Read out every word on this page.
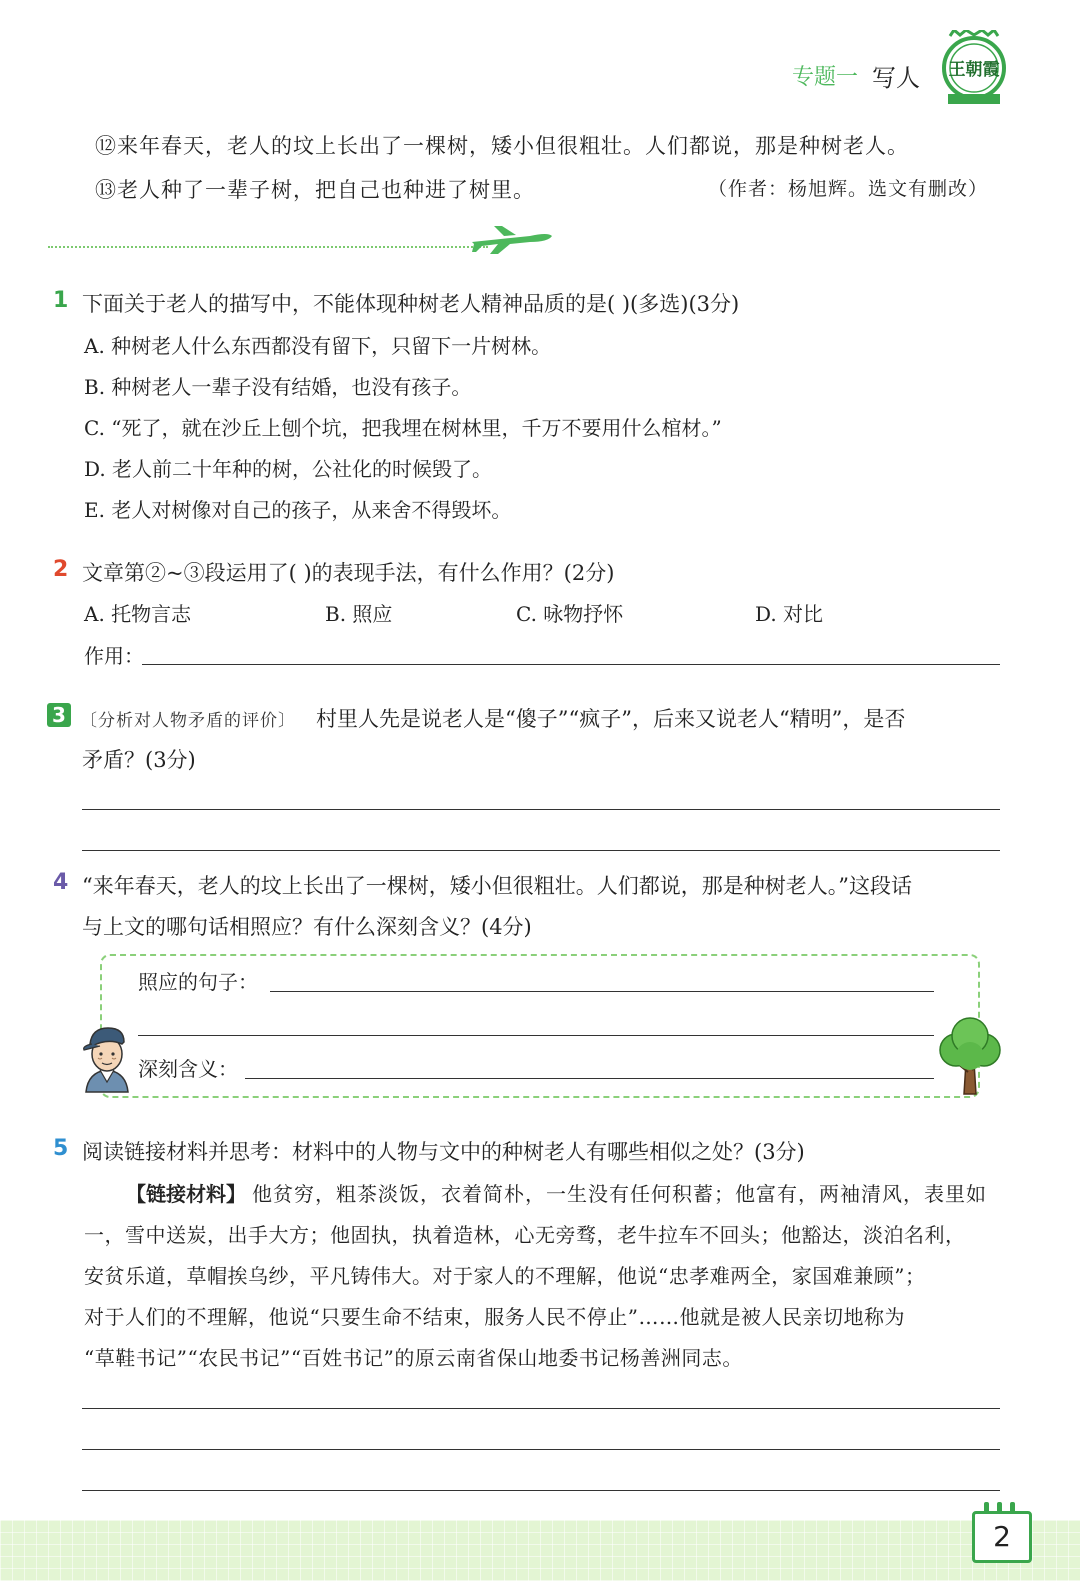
专题一 写人 王朝霞
⑫来年春天，老人的坟上长出了一棵树，矮小但很粗壮。人们都说，那是种树老人。
⑬老人种了一辈子树，把自己也种进了树里。	（作者：杨旭辉。选文有删改）
1 下面关于老人的描写中，不能体现种树老人精神品质的是( )(多选)(3分)
A. 种树老人什么东西都没有留下，只留下一片树林。
B. 种树老人一辈子没有结婚，也没有孩子。
C. “死了，就在沙丘上刨个坑，把我埋在树林里，千万不要用什么棺材。”
D. 老人前二十年种的树，公社化的时候毁了。
E. 老人对树像对自己的孩子，从来舍不得毁坏。
2 文章第②~③段运用了( )的表现手法，有什么作用？(2分)
A. 托物言志	B. 照应	C. 咏物抒怀	D. 对比
作用：
3 〔分析对人物矛盾的评价〕 村里人先是说老人是“傻子”“疯子”，后来又说老人“精明”，是否
矛盾？(3分)
4 “来年春天，老人的坟上长出了一棵树，矮小但很粗壮。人们都说，那是种树老人。”这段话
与上文的哪句话相照应？有什么深刻含义？(4分)
照应的句子：
深刻含义：
5 阅读链接材料并思考：材料中的人物与文中的种树老人有哪些相似之处？(3分)
【链接材料】 他贫穷，粗茶淡饭，衣着简朴，一生没有任何积蓄；他富有，两袖清风，表里如
一，雪中送炭，出手大方；他固执，执着造林，心无旁骛，老牛拉车不回头；他豁达，淡泊名利，
安贫乐道，草帽挨乌纱，平凡铸伟大。对于家人的不理解，他说“忠孝难两全，家国难兼顾”；
对于人们的不理解，他说“只要生命不结束，服务人民不停止”……他就是被人民亲切地称为
“草鞋书记”“农民书记”“百姓书记”的原云南省保山地委书记杨善洲同志。
2
